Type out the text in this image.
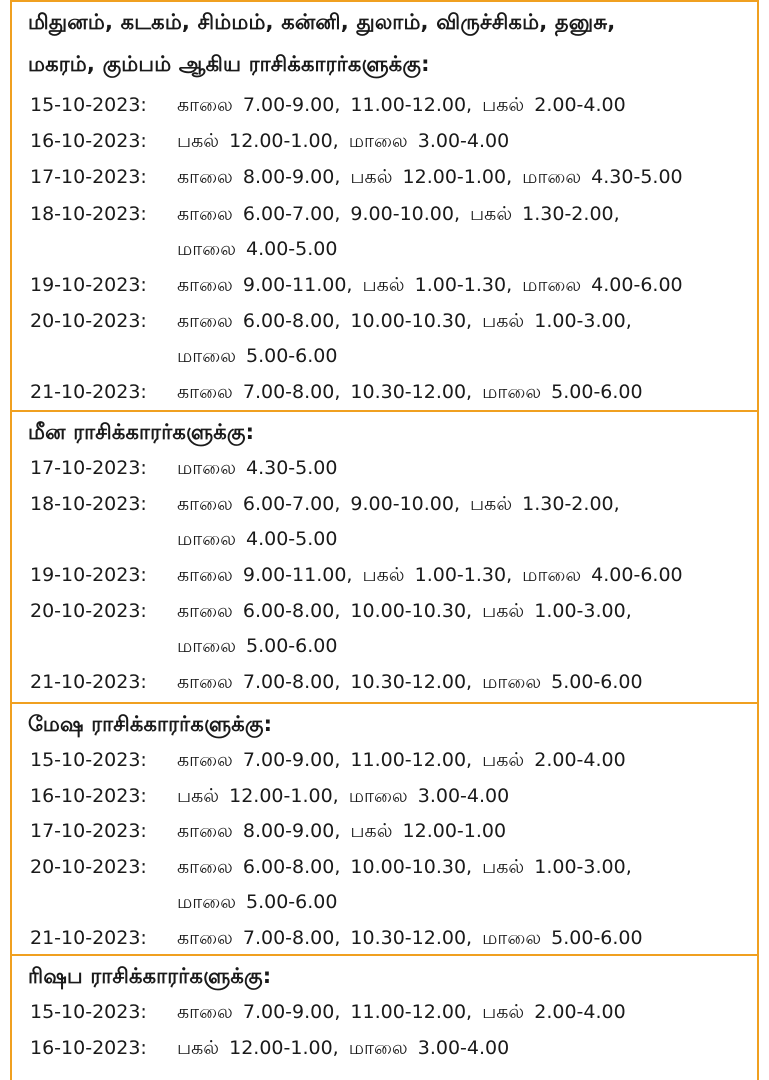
மிதுனம், கடகம், சிம்மம், கன்னி, துலாம், விருச்சிகம், தனுசு,
மகரம், கும்பம் ஆகிய ராசிக்காரர்களுக்கு:
15-10-2023: காலை 7.00-9.00, 11.00-12.00, பகல் 2.00-4.00
16-10-2023: பகல் 12.00-1.00, மாலை 3.00-4.00
17-10-2023: காலை 8.00-9.00, பகல் 12.00-1.00, மாலை 4.30-5.00
18-10-2023: காலை 6.00-7.00, 9.00-10.00, பகல் 1.30-2.00,
மாலை 4.00-5.00
19-10-2023: காலை 9.00-11.00, பகல் 1.00-1.30, மாலை 4.00-6.00
20-10-2023: காலை 6.00-8.00, 10.00-10.30, பகல் 1.00-3.00,
மாலை 5.00-6.00
21-10-2023: காலை 7.00-8.00, 10.30-12.00, மாலை 5.00-6.00
மீன ராசிக்காரர்களுக்கு:
17-10-2023: மாலை 4.30-5.00
18-10-2023: காலை 6.00-7.00, 9.00-10.00, பகல் 1.30-2.00,
மாலை 4.00-5.00
19-10-2023: காலை 9.00-11.00, பகல் 1.00-1.30, மாலை 4.00-6.00
20-10-2023: காலை 6.00-8.00, 10.00-10.30, பகல் 1.00-3.00,
மாலை 5.00-6.00
21-10-2023: காலை 7.00-8.00, 10.30-12.00, மாலை 5.00-6.00
மேஷ ராசிக்காரர்களுக்கு:
15-10-2023: காலை 7.00-9.00, 11.00-12.00, பகல் 2.00-4.00
16-10-2023: பகல் 12.00-1.00, மாலை 3.00-4.00
17-10-2023: காலை 8.00-9.00, பகல் 12.00-1.00
20-10-2023: காலை 6.00-8.00, 10.00-10.30, பகல் 1.00-3.00,
மாலை 5.00-6.00
21-10-2023: காலை 7.00-8.00, 10.30-12.00, மாலை 5.00-6.00
ரிஷப ராசிக்காரர்களுக்கு:
15-10-2023: காலை 7.00-9.00, 11.00-12.00, பகல் 2.00-4.00
16-10-2023: பகல் 12.00-1.00, மாலை 3.00-4.00
